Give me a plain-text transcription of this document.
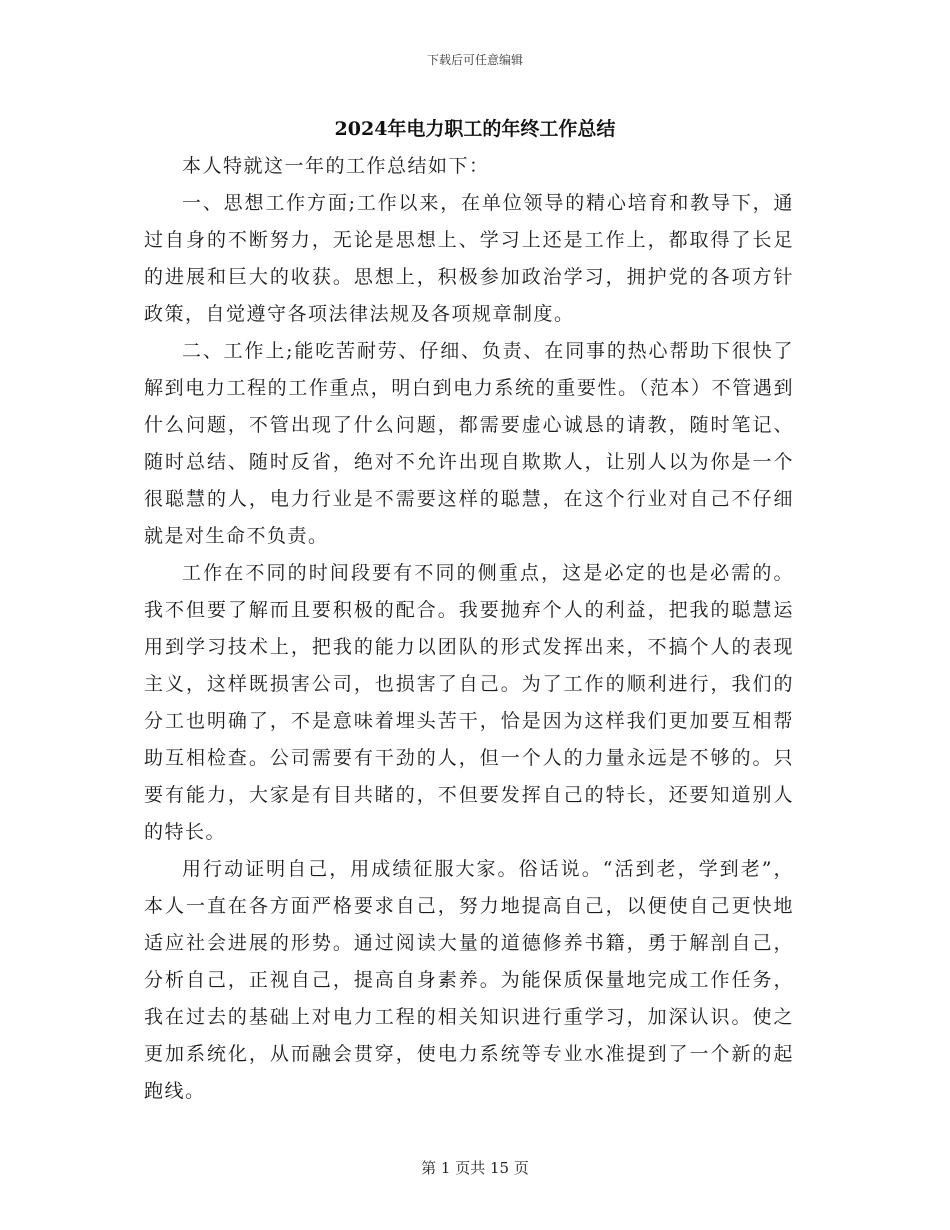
下载后可任意编辑
2024年电力职工的年终工作总结

本人特就这一年的工作总结如下：

一、思想工作方面;工作以来，在单位领导的精心培育和教导下，通过自身的不断努力，无论是思想上、学习上还是工作上，都取得了长足的进展和巨大的收获。思想上，积极参加政治学习，拥护党的各项方针政策，自觉遵守各项法律法规及各项规章制度。

二、工作上;能吃苦耐劳、仔细、负责、在同事的热心帮助下很快了解到电力工程的工作重点，明白到电力系统的重要性。（范本）不管遇到什么问题，不管出现了什么问题，都需要虚心诚恳的请教，随时笔记、随时总结、随时反省，绝对不允许出现自欺欺人，让别人以为你是一个很聪慧的人，电力行业是不需要这样的聪慧，在这个行业对自己不仔细就是对生命不负责。

工作在不同的时间段要有不同的侧重点，这是必定的也是必需的。我不但要了解而且要积极的配合。我要抛弃个人的利益，把我的聪慧运用到学习技术上，把我的能力以团队的形式发挥出来，不搞个人的表现主义，这样既损害公司，也损害了自己。为了工作的顺利进行，我们的分工也明确了，不是意味着埋头苦干，恰是因为这样我们更加要互相帮助互相检查。公司需要有干劲的人，但一个人的力量永远是不够的。只要有能力，大家是有目共睹的，不但要发挥自己的特长，还要知道别人的特长。

用行动证明自己，用成绩征服大家。俗话说。“活到老，学到老”，本人一直在各方面严格要求自己，努力地提高自己，以便使自己更快地适应社会进展的形势。通过阅读大量的道德修养书籍，勇于解剖自己，分析自己，正视自己，提高自身素养。为能保质保量地完成工作任务，我在过去的基础上对电力工程的相关知识进行重学习，加深认识。使之更加系统化，从而融会贯穿，使电力系统等专业水准提到了一个新的起跑线。

第 1 页共 15 页
